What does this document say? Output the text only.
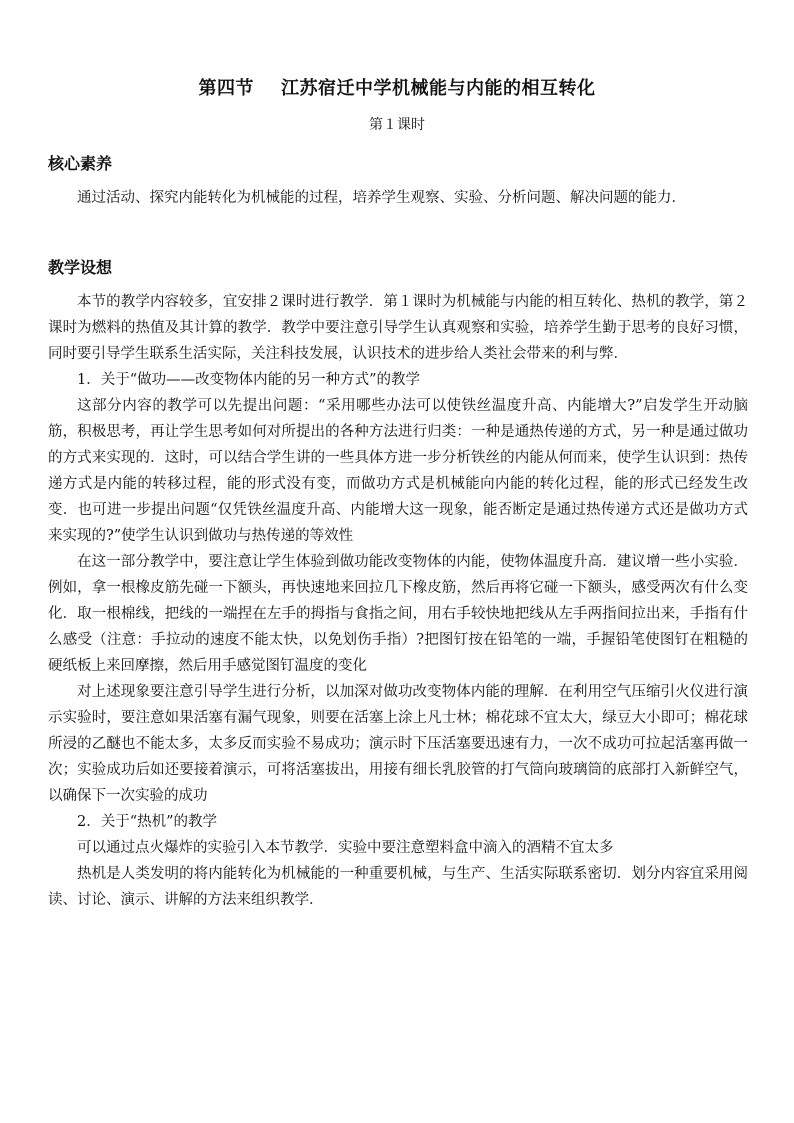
第四节    江苏宿迁中学机械能与内能的相互转化
第１课时
核心素养

通过活动、探究内能转化为机械能的过程，培养学生观察、实验、分析问题、解决问题的能力．

教学设想

本节的教学内容较多，宜安排２课时进行教学．第１课时为机械能与内能的相互转化、热机的教学，第２课时为燃料的热值及其计算的教学．教学中要注意引导学生认真观察和实验，培养学生勤于思考的良好习惯，同时要引导学生联系生活实际，关注科技发展，认识技术的进步给人类社会带来的利与弊．

1．关于“做功——改变物体内能的另一种方式”的教学

这部分内容的教学可以先提出问题：“采用哪些办法可以使铁丝温度升高、内能增大?”启发学生开动脑筋，积极思考，再让学生思考如何对所提出的各种方法进行归类：一种是通热传递的方式，另一种是通过做功的方式来实现的．这时，可以结合学生讲的一些具体方进一步分析铁丝的内能从何而来，使学生认识到：热传递方式是内能的转移过程，能的形式没有变，而做功方式是机械能向内能的转化过程，能的形式已经发生改变．也可进一步提出问题“仅凭铁丝温度升高、内能增大这一现象，能否断定是通过热传递方式还是做功方式来实现的?”使学生认识到做功与热传递的等效性

在这一部分教学中，要注意让学生体验到做功能改变物体的内能，使物体温度升高．建议增一些小实验．例如，拿一根橡皮筋先碰一下额头，再快速地来回拉几下橡皮筋，然后再将它碰一下额头，感受两次有什么变化．取一根棉线，把线的一端捏在左手的拇指与食指之间，用右手较快地把线从左手两指间拉出来，手指有什么感受（注意：手拉动的速度不能太快，以免划伤手指）?把图钉按在铅笔的一端，手握铅笔使图钉在粗糙的硬纸板上来回摩擦，然后用手感觉图钉温度的变化

对上述现象要注意引导学生进行分析，以加深对做功改变物体内能的理解．在利用空气压缩引火仪进行演示实验时，要注意如果活塞有漏气现象，则要在活塞上涂上凡士林；棉花球不宜太大，绿豆大小即可；棉花球所浸的乙醚也不能太多，太多反而实验不易成功；演示时下压活塞要迅速有力，一次不成功可拉起活塞再做一次；实验成功后如还要接着演示，可将活塞拔出，用接有细长乳胶管的打气筒向玻璃筒的底部打入新鲜空气，以确保下一次实验的成功

2．关于“热机”的教学

可以通过点火爆炸的实验引入本节教学．实验中要注意塑料盒中滴入的酒精不宜太多

热机是人类发明的将内能转化为机械能的一种重要机械，与生产、生活实际联系密切．划分内容宜采用阅读、讨论、演示、讲解的方法来组织教学．
